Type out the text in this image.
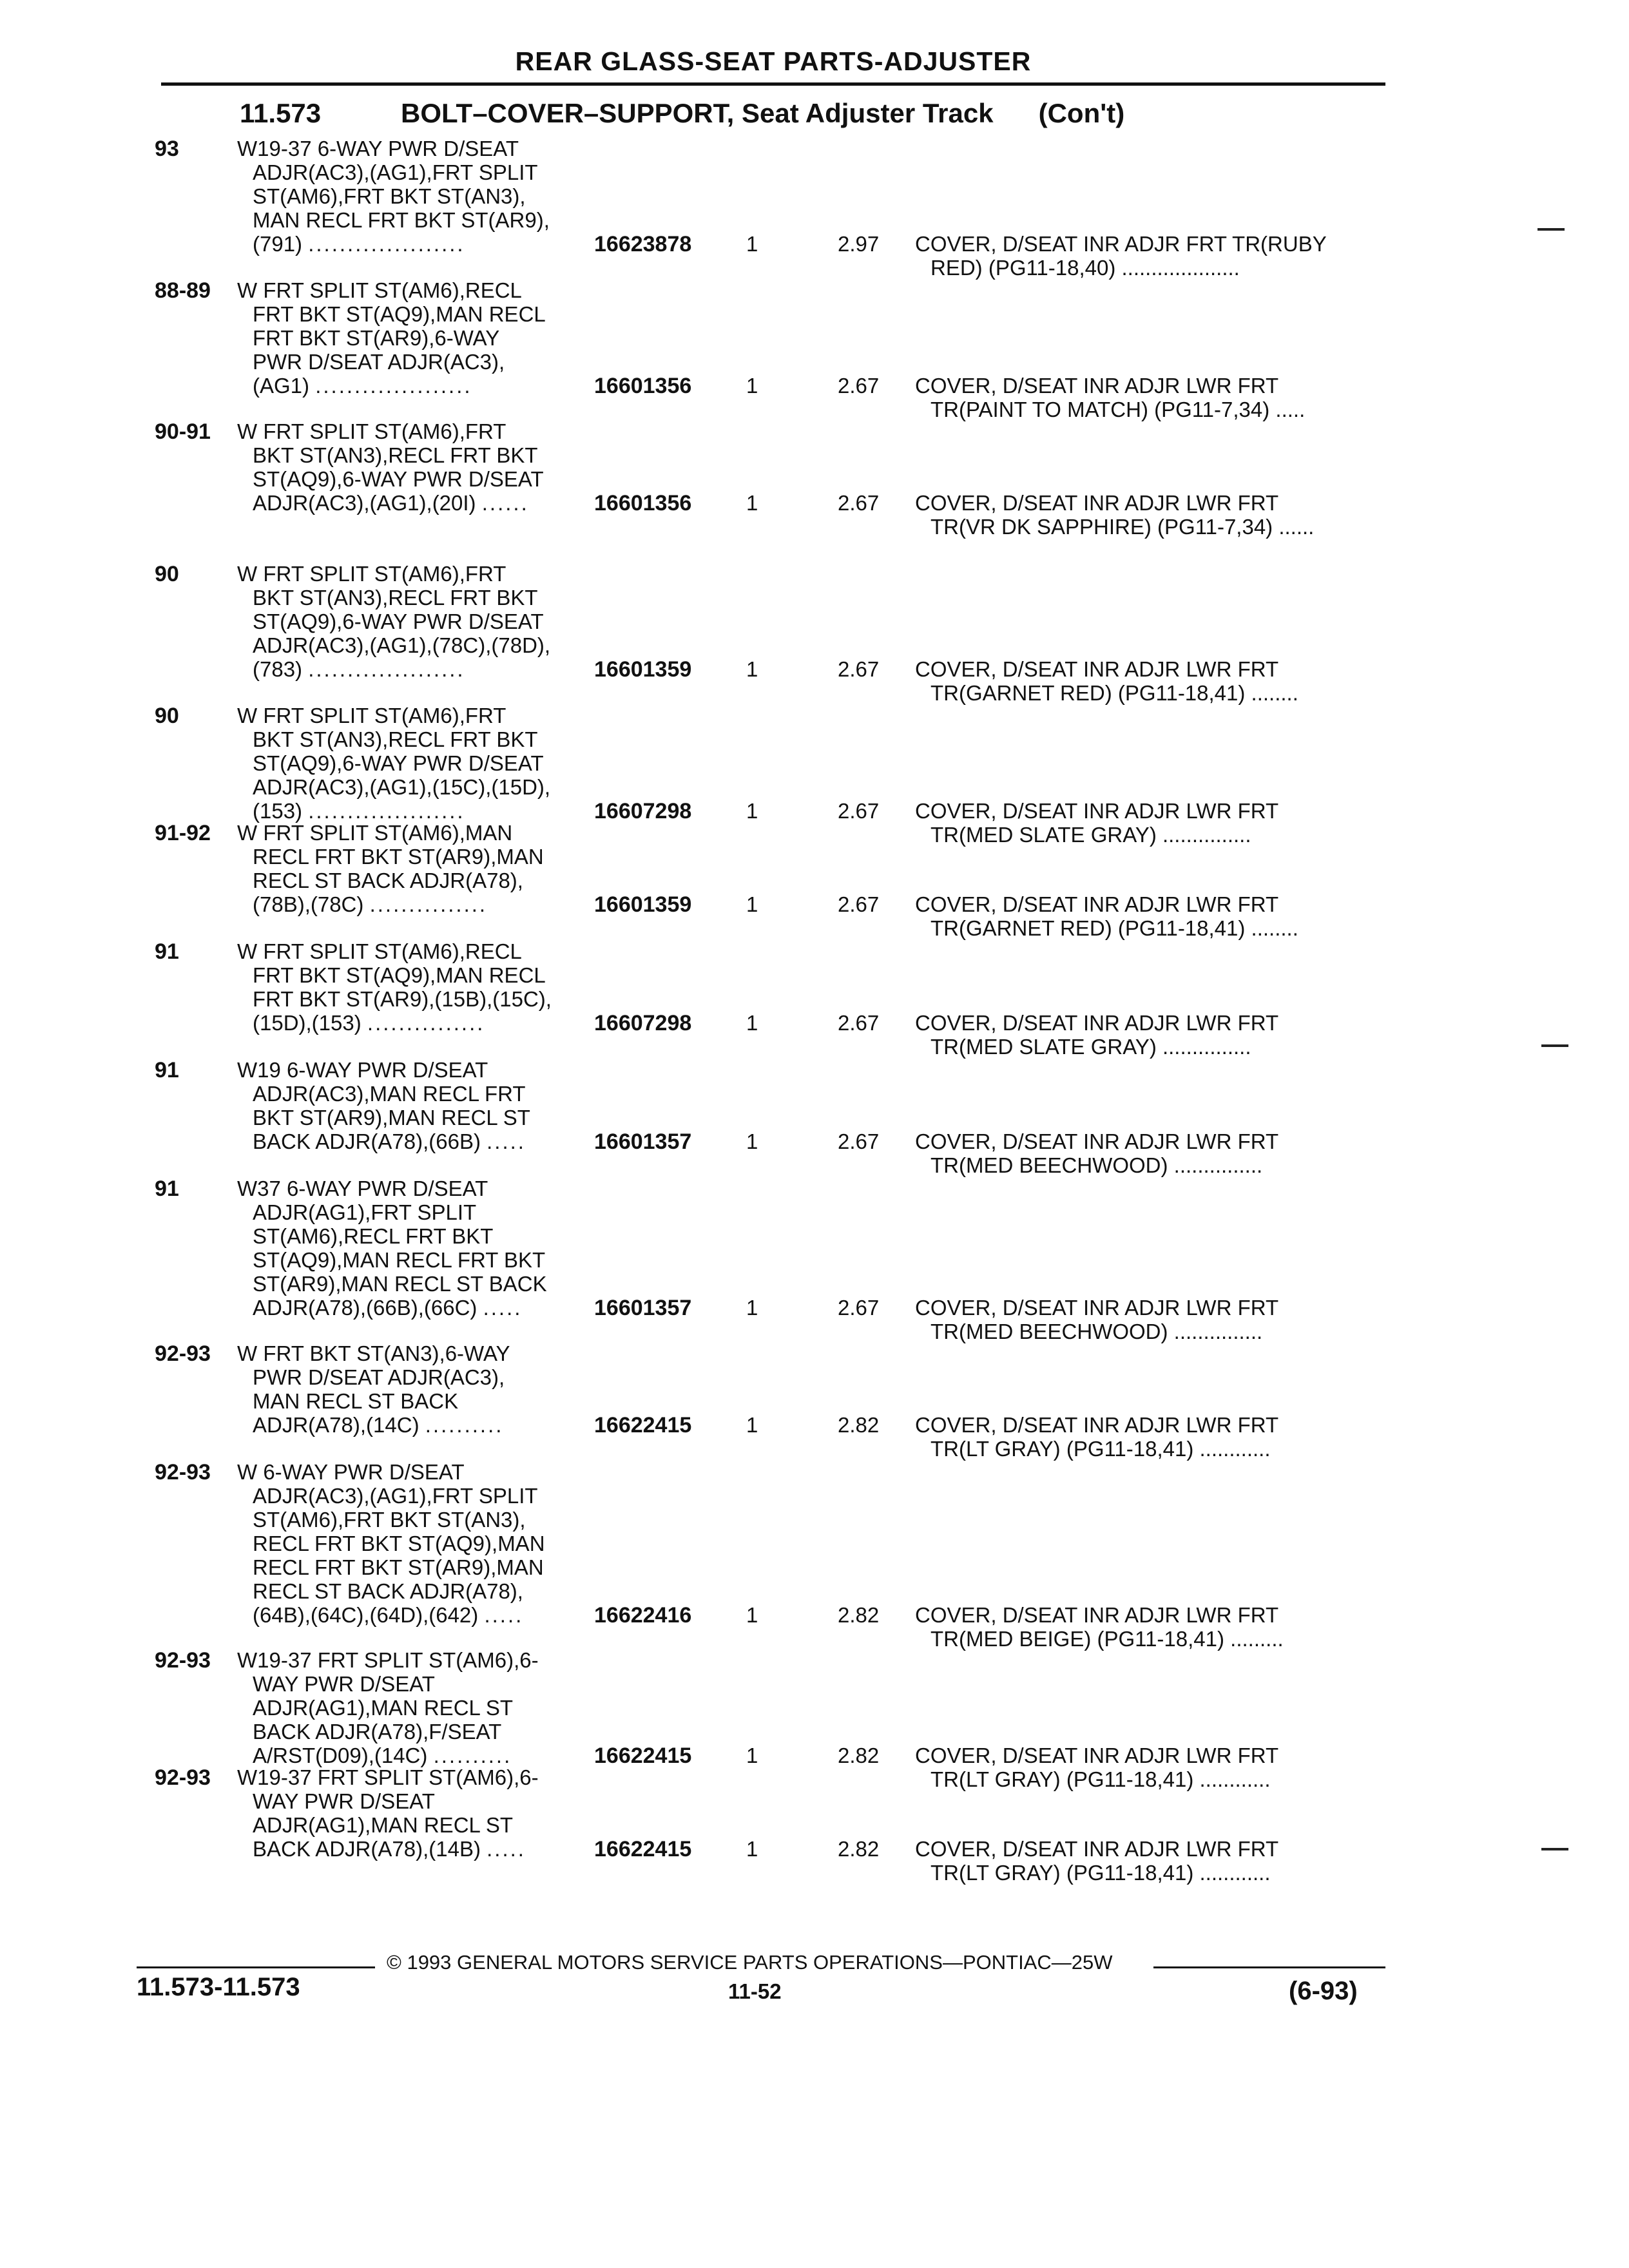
REAR GLASS-SEAT PARTS-ADJUSTER
11.573	BOLT–COVER–SUPPORT, Seat Adjuster Track (Con't)
93	W19-37 6-WAY PWR D/SEAT
ADJR(AC3),(AG1),FRT SPLIT
ST(AM6),FRT BKT ST(AN3),
MAN RECL FRT BKT ST(AR9),
(791) ....................	16623878	1	2.97 COVER, D/SEAT INR ADJR FRT TR(RUBY
RED) (PG11-18,40) ....................
88-89 W FRT SPLIT ST(AM6),RECL
FRT BKT ST(AQ9),MAN RECL
FRT BKT ST(AR9),6-WAY
PWR D/SEAT ADJR(AC3),
(AG1) ....................	16601356	1	2.67 COVER, D/SEAT INR ADJR LWR FRT
TR(PAINT TO MATCH) (PG11-7,34) .....
90-91 W FRT SPLIT ST(AM6),FRT
BKT ST(AN3),RECL FRT BKT
ST(AQ9),6-WAY PWR D/SEAT
ADJR(AC3),(AG1),(20I) ......	16601356	1	2.67 COVER, D/SEAT INR ADJR LWR FRT
TR(VR DK SAPPHIRE) (PG11-7,34) ......
90	W FRT SPLIT ST(AM6),FRT
BKT ST(AN3),RECL FRT BKT
ST(AQ9),6-WAY PWR D/SEAT
ADJR(AC3),(AG1),(78C),(78D),
(783) ....................	16601359	1	2.67 COVER, D/SEAT INR ADJR LWR FRT
TR(GARNET RED) (PG11-18,41) ........
90	W FRT SPLIT ST(AM6),FRT
BKT ST(AN3),RECL FRT BKT
ST(AQ9),6-WAY PWR D/SEAT
ADJR(AC3),(AG1),(15C),(15D),
(153) ....................	16607298	1	2.67 COVER, D/SEAT INR ADJR LWR FRT
TR(MED SLATE GRAY) ...............
91-92 W FRT SPLIT ST(AM6),MAN
RECL FRT BKT ST(AR9),MAN
RECL ST BACK ADJR(A78),
(78B),(78C) ...............	16601359	1	2.67 COVER, D/SEAT INR ADJR LWR FRT
TR(GARNET RED) (PG11-18,41) ........
91	W FRT SPLIT ST(AM6),RECL
FRT BKT ST(AQ9),MAN RECL
FRT BKT ST(AR9),(15B),(15C),
(15D),(153) ...............	16607298	1	2.67 COVER, D/SEAT INR ADJR LWR FRT
TR(MED SLATE GRAY) ...............
91	W19 6-WAY PWR D/SEAT
ADJR(AC3),MAN RECL FRT
BKT ST(AR9),MAN RECL ST
BACK ADJR(A78),(66B) .....	16601357	1	2.67 COVER, D/SEAT INR ADJR LWR FRT
TR(MED BEECHWOOD) ...............
91	W37 6-WAY PWR D/SEAT
ADJR(AG1),FRT SPLIT
ST(AM6),RECL FRT BKT
ST(AQ9),MAN RECL FRT BKT
ST(AR9),MAN RECL ST BACK
ADJR(A78),(66B),(66C) .....	16601357	1	2.67 COVER, D/SEAT INR ADJR LWR FRT
TR(MED BEECHWOOD) ...............
92-93 W FRT BKT ST(AN3),6-WAY
PWR D/SEAT ADJR(AC3),
MAN RECL ST BACK
ADJR(A78),(14C) ..........	16622415	1	2.82 COVER, D/SEAT INR ADJR LWR FRT
TR(LT GRAY) (PG11-18,41) ............
92-93 W 6-WAY PWR D/SEAT
ADJR(AC3),(AG1),FRT SPLIT
ST(AM6),FRT BKT ST(AN3),
RECL FRT BKT ST(AQ9),MAN
RECL FRT BKT ST(AR9),MAN
RECL ST BACK ADJR(A78),
(64B),(64C),(64D),(642) .....	16622416	1	2.82 COVER, D/SEAT INR ADJR LWR FRT
TR(MED BEIGE) (PG11-18,41) .........
92-93 W19-37 FRT SPLIT ST(AM6),6-
WAY PWR D/SEAT
ADJR(AG1),MAN RECL ST
BACK ADJR(A78),F/SEAT
A/RST(D09),(14C) ..........	16622415	1	2.82 COVER, D/SEAT INR ADJR LWR FRT
TR(LT GRAY) (PG11-18,41) ............
92-93 W19-37 FRT SPLIT ST(AM6),6-
WAY PWR D/SEAT
ADJR(AG1),MAN RECL ST
BACK ADJR(A78),(14B) .....	16622415	1	2.82 COVER, D/SEAT INR ADJR LWR FRT
TR(LT GRAY) (PG11-18,41) ............
© 1993 GENERAL MOTORS SERVICE PARTS OPERATIONS—PONTIAC—25W
11.573-11.573	11-52	(6-93)
